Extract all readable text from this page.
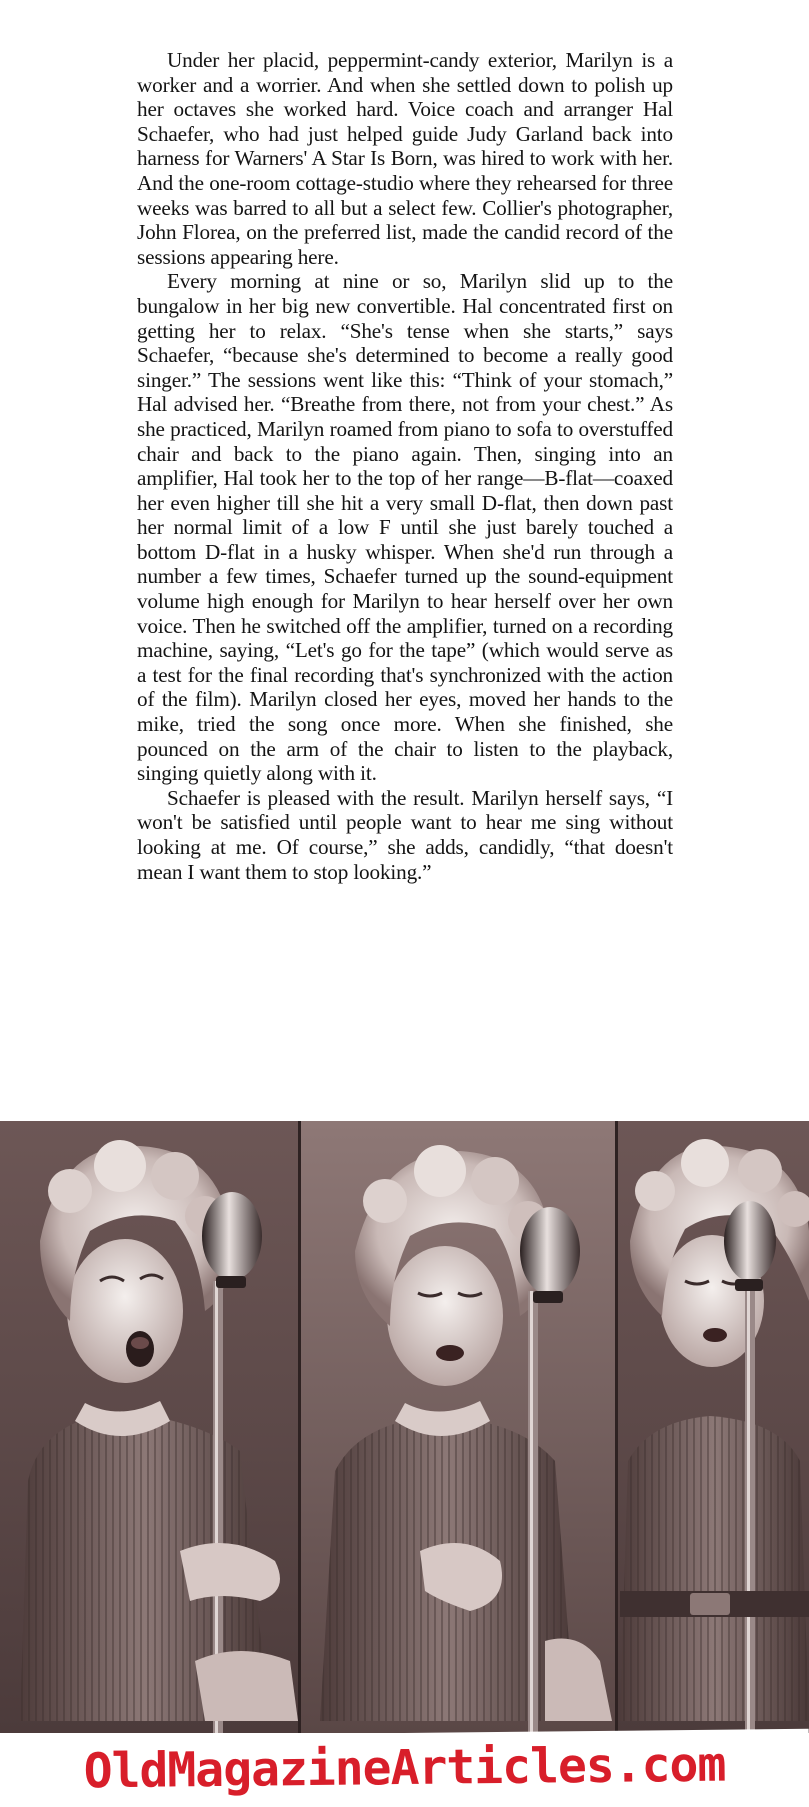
Under her placid, peppermint-candy exterior, Marilyn is a worker and a worrier. And when she settled down to polish up her octaves she worked hard. Voice coach and arranger Hal Schaefer, who had just helped guide Judy Garland back into harness for Warners' A Star Is Born, was hired to work with her. And the one-room cottage-studio where they rehearsed for three weeks was barred to all but a select few. Collier's photographer, John Florea, on the preferred list, made the candid record of the sessions appearing here.

Every morning at nine or so, Marilyn slid up to the bungalow in her big new convertible. Hal concentrated first on getting her to relax. “She's tense when she starts,” says Schaefer, “because she's determined to become a really good singer.” The sessions went like this: “Think of your stomach,” Hal advised her. “Breathe from there, not from your chest.” As she practiced, Marilyn roamed from piano to sofa to overstuffed chair and back to the piano again. Then, singing into an amplifier, Hal took her to the top of her range—B-flat—coaxed her even higher till she hit a very small D-flat, then down past her normal limit of a low F until she just barely touched a bottom D-flat in a husky whisper. When she'd run through a number a few times, Schaefer turned up the sound-equipment volume high enough for Marilyn to hear herself over her own voice. Then he switched off the amplifier, turned on a recording machine, saying, “Let's go for the tape” (which would serve as a test for the final recording that's synchronized with the action of the film). Marilyn closed her eyes, moved her hands to the mike, tried the song once more. When she finished, she pounced on the arm of the chair to listen to the playback, singing quietly along with it.

Schaefer is pleased with the result. Marilyn herself says, “I won't be satisfied until people want to hear me sing without looking at me. Of course,” she adds, candidly, “that doesn't mean I want them to stop looking.”

OldMagazineArticles.com
